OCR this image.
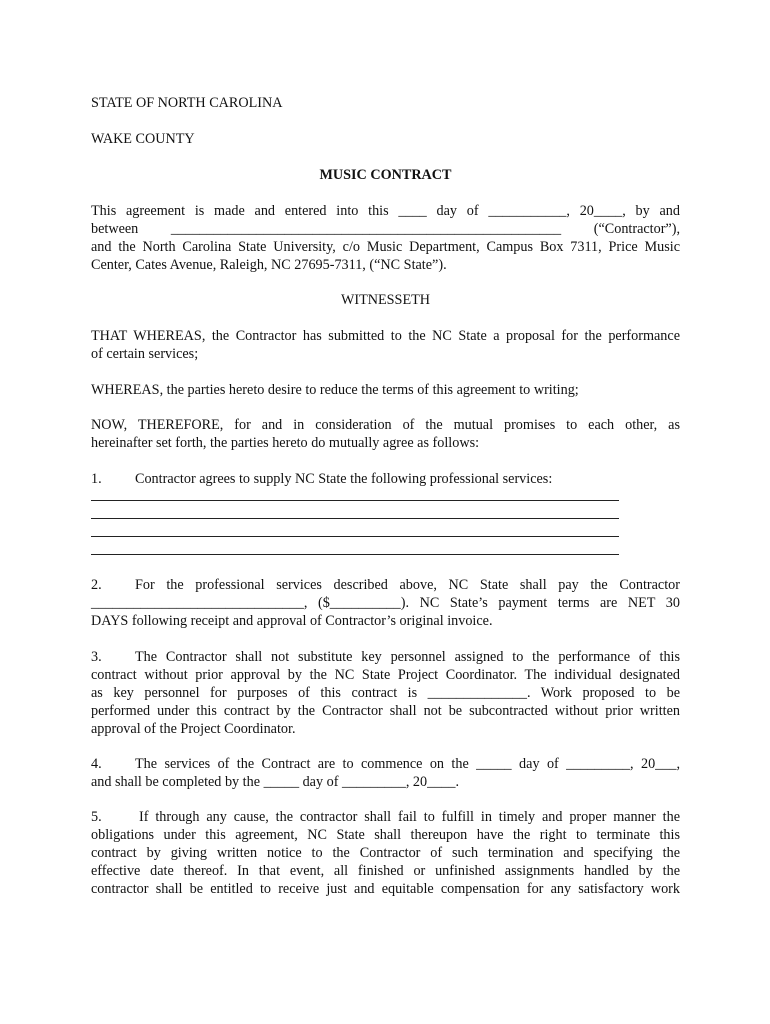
STATE OF NORTH CAROLINA
WAKE COUNTY
MUSIC CONTRACT
This agreement is made and entered into this ____ day of ___________, 20____, by and
between _______________________________________________________ (“Contractor”),
and the North Carolina State University, c/o Music Department, Campus Box 7311, Price Music
Center, Cates Avenue, Raleigh, NC 27695-7311, (“NC State”).
WITNESSETH
THAT WHEREAS, the Contractor has submitted to the NC State a proposal for the performance
of certain services;
WHEREAS, the parties hereto desire to reduce the terms of this agreement to writing;
NOW, THEREFORE, for and in consideration of the mutual promises to each other, as
hereinafter set forth, the parties hereto do mutually agree as follows:
1. Contractor agrees to supply NC State the following professional services:
2. For the professional services described above, NC State shall pay the Contractor
______________________________, ($__________). NC State’s payment terms are NET 30
DAYS following receipt and approval of Contractor’s original invoice.
3. The Contractor shall not substitute key personnel assigned to the performance of this
contract without prior approval by the NC State Project Coordinator. The individual designated
as key personnel for purposes of this contract is ______________. Work proposed to be
performed under this contract by the Contractor shall not be subcontracted without prior written
approval of the Project Coordinator.
4. The services of the Contract are to commence on the _____ day of _________, 20___,
and shall be completed by the _____ day of _________, 20____.
5.	If through any cause, the contractor shall fail to fulfill in timely and proper manner the
obligations under this agreement, NC State shall thereupon have the right to terminate this
contract by giving written notice to the Contractor of such termination and specifying the
effective date thereof. In that event, all finished or unfinished assignments handled by the
contractor shall be entitled to receive just and equitable compensation for any satisfactory work
